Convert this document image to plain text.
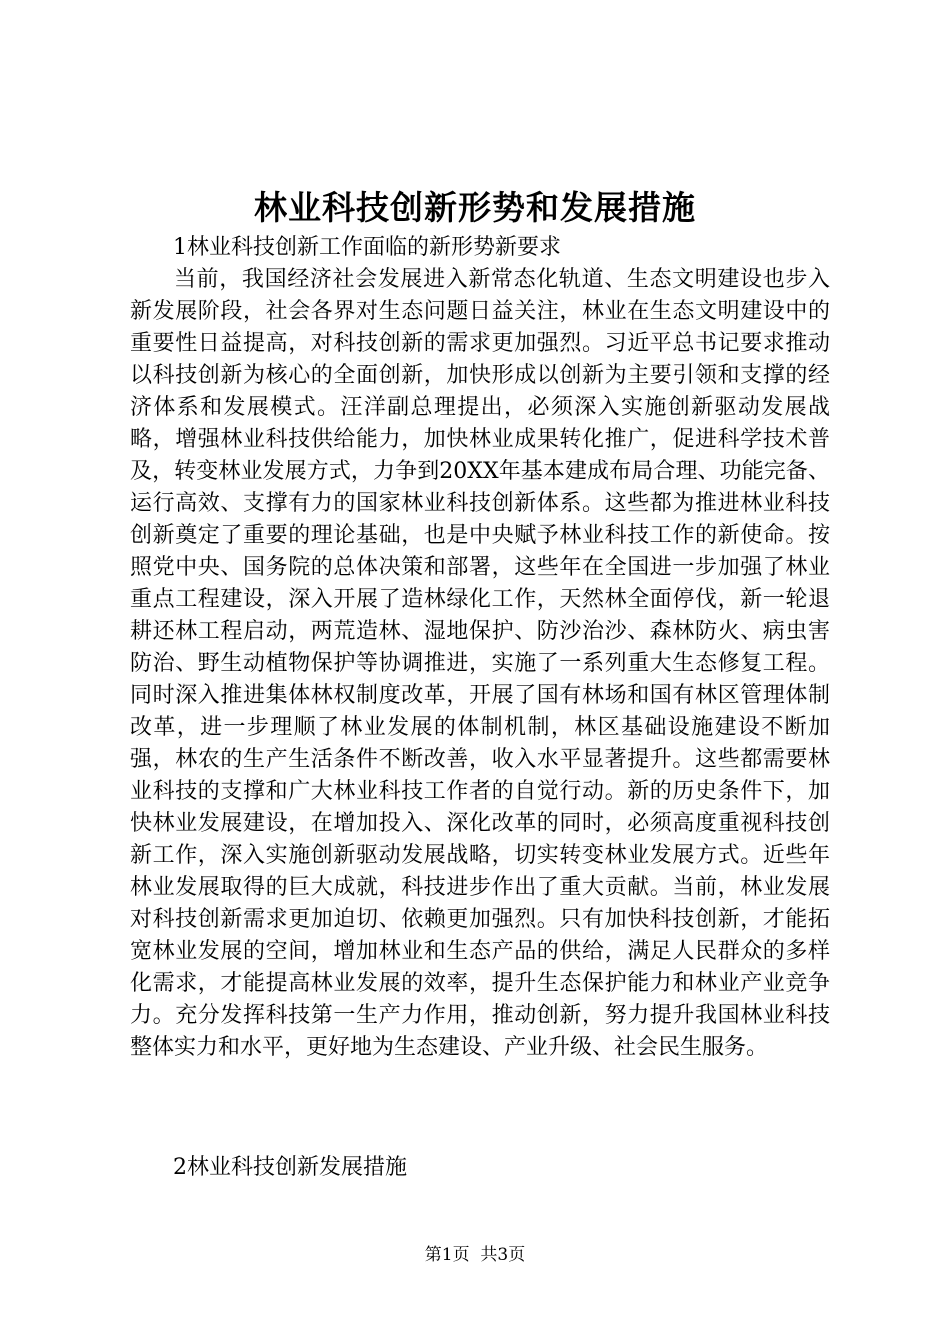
林业科技创新形势和发展措施

1林业科技创新工作面临的新形势新要求

当前，我国经济社会发展进入新常态化轨道、生态文明建设也步入新发展阶段，社会各界对生态问题日益关注，林业在生态文明建设中的重要性日益提高，对科技创新的需求更加强烈。习近平总书记要求推动以科技创新为核心的全面创新，加快形成以创新为主要引领和支撑的经济体系和发展模式。汪洋副总理提出，必须深入实施创新驱动发展战略，增强林业科技供给能力，加快林业成果转化推广，促进科学技术普及，转变林业发展方式，力争到20XX年基本建成布局合理、功能完备、运行高效、支撑有力的国家林业科技创新体系。这些都为推进林业科技创新奠定了重要的理论基础，也是中央赋予林业科技工作的新使命。按照党中央、国务院的总体决策和部署，这些年在全国进一步加强了林业重点工程建设，深入开展了造林绿化工作，天然林全面停伐，新一轮退耕还林工程启动，两荒造林、湿地保护、防沙治沙、森林防火、病虫害防治、野生动植物保护等协调推进，实施了一系列重大生态修复工程。同时深入推进集体林权制度改革，开展了国有林场和国有林区管理体制改革，进一步理顺了林业发展的体制机制，林区基础设施建设不断加强，林农的生产生活条件不断改善，收入水平显著提升。这些都需要林业科技的支撑和广大林业科技工作者的自觉行动。新的历史条件下，加快林业发展建设，在增加投入、深化改革的同时，必须高度重视科技创新工作，深入实施创新驱动发展战略，切实转变林业发展方式。近些年林业发展取得的巨大成就，科技进步作出了重大贡献。当前，林业发展对科技创新需求更加迫切、依赖更加强烈。只有加快科技创新，才能拓宽林业发展的空间，增加林业和生态产品的供给，满足人民群众的多样化需求，才能提高林业发展的效率，提升生态保护能力和林业产业竞争力。充分发挥科技第一生产力作用，推动创新，努力提升我国林业科技整体实力和水平，更好地为生态建设、产业升级、社会民生服务。

2林业科技创新发展措施

第1页  共3页
